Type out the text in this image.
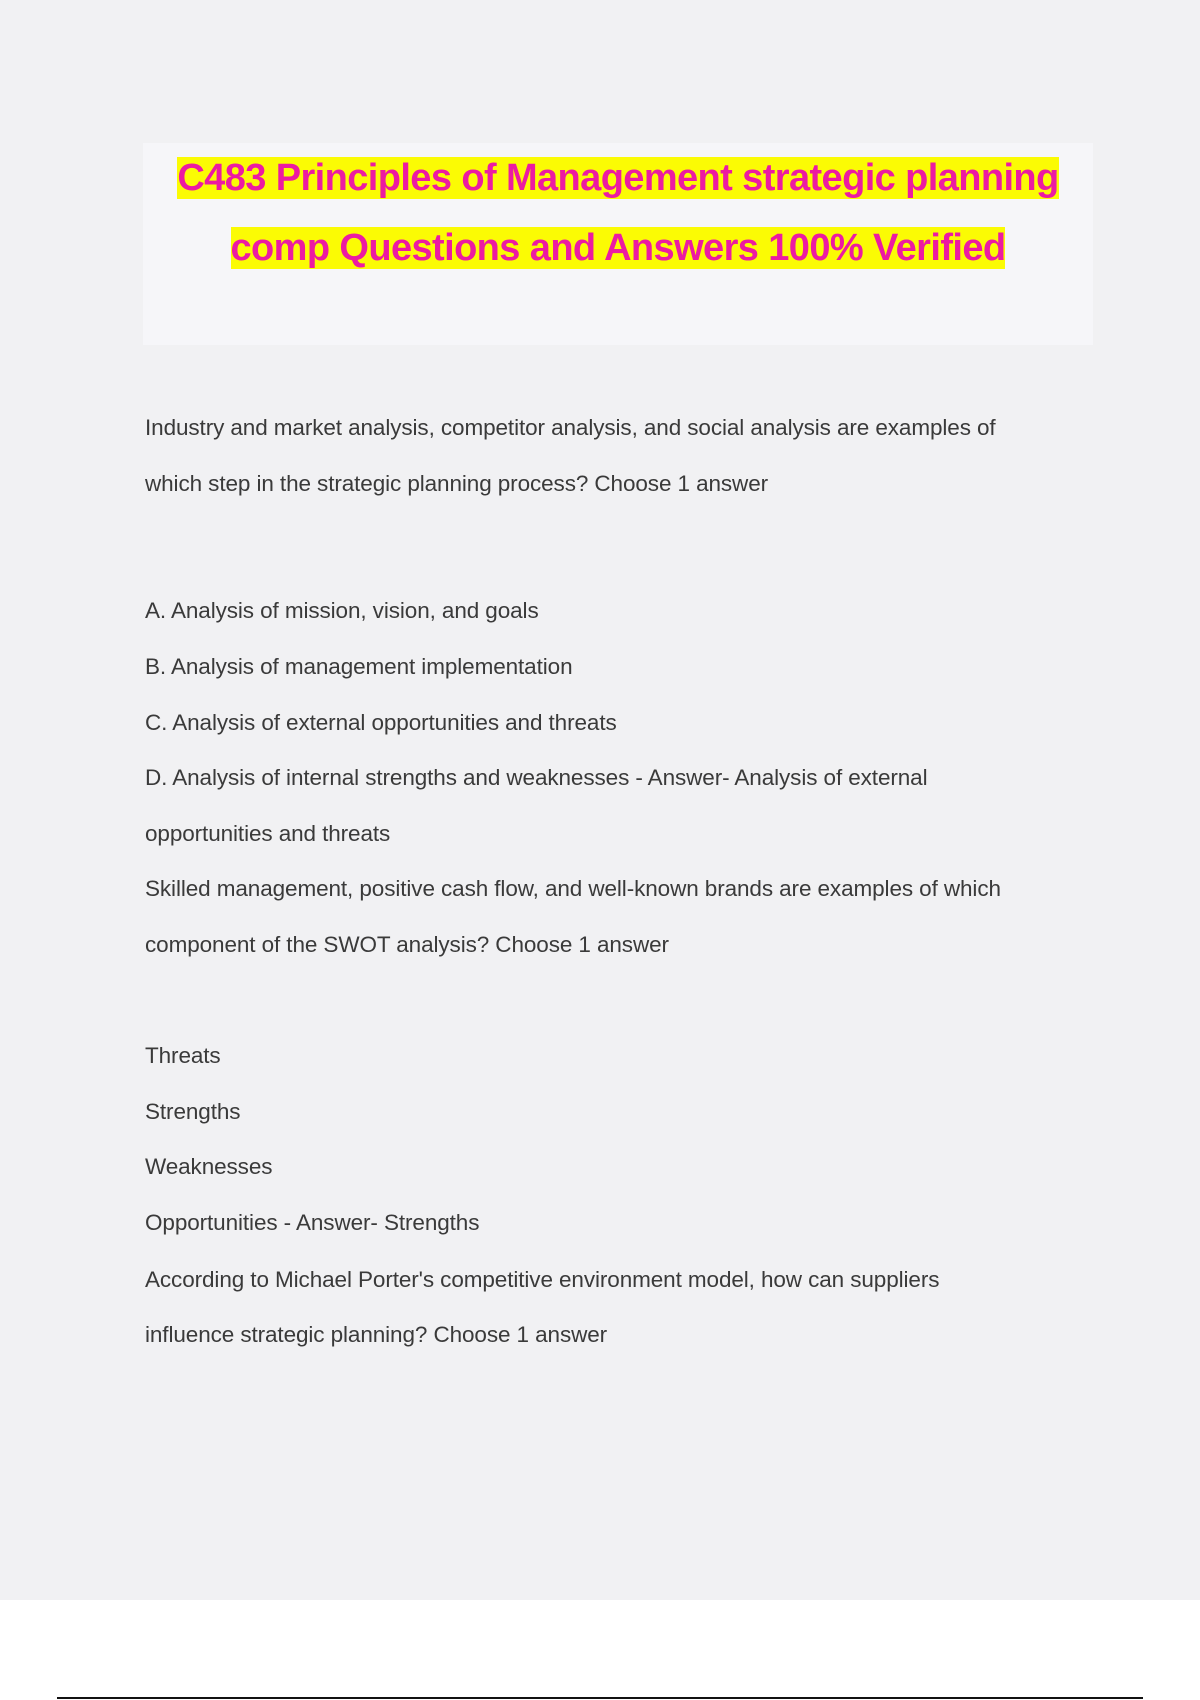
C483 Principles of Management strategic planning
comp Questions and Answers 100% Verified
Industry and market analysis, competitor analysis, and social analysis are examples of
which step in the strategic planning process? Choose 1 answer
A. Analysis of mission, vision, and goals
B. Analysis of management implementation
C. Analysis of external opportunities and threats
D. Analysis of internal strengths and weaknesses - Answer- Analysis of external
opportunities and threats
Skilled management, positive cash flow, and well-known brands are examples of which
component of the SWOT analysis? Choose 1 answer
Threats
Strengths
Weaknesses
Opportunities - Answer- Strengths
According to Michael Porter's competitive environment model, how can suppliers
influence strategic planning? Choose 1 answer
